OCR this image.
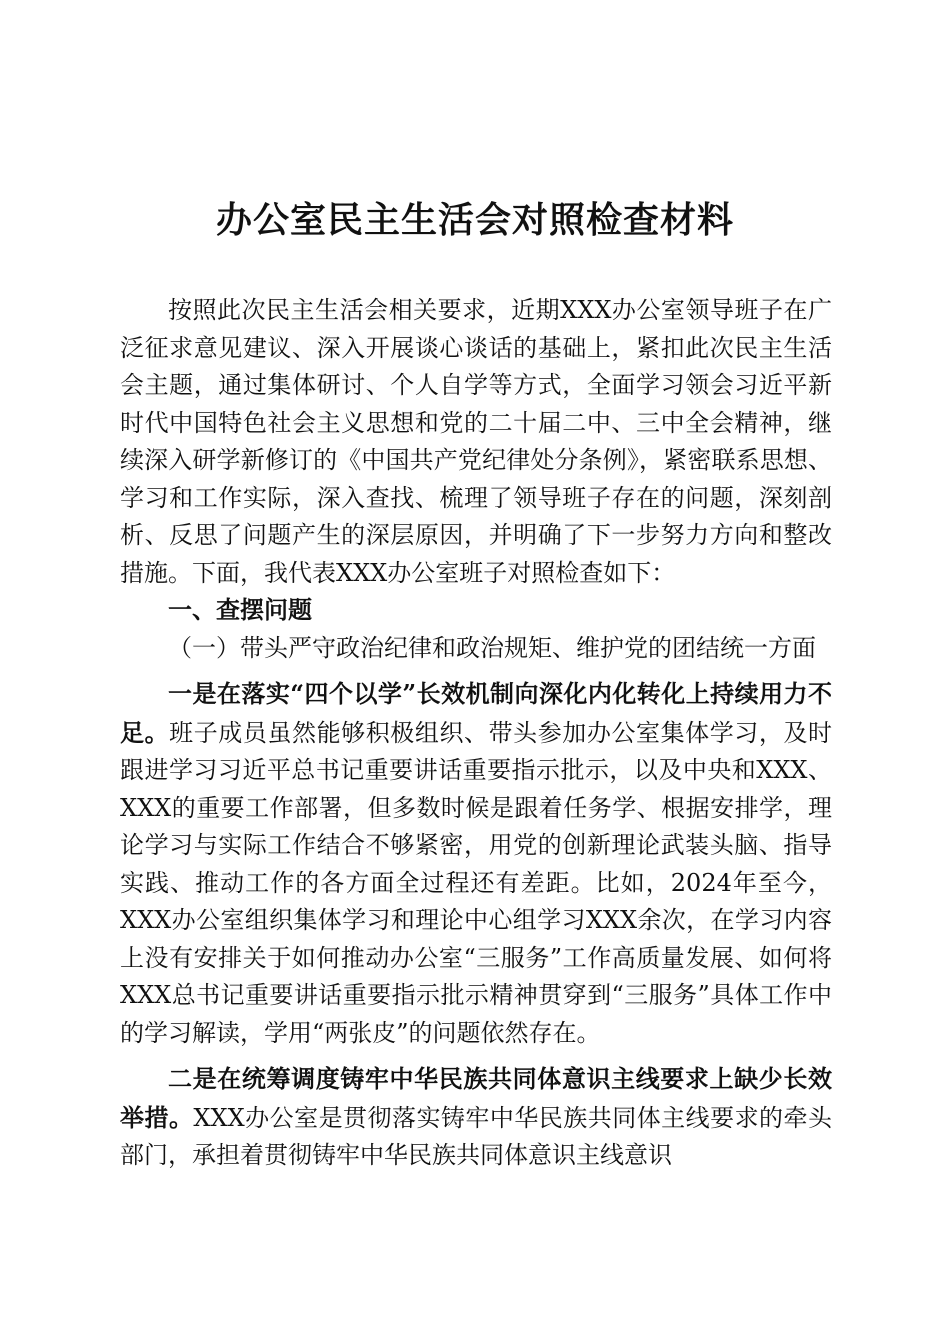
办公室民主生活会对照检查材料

按照此次民主生活会相关要求，近期XXX办公室领导班子在广泛征求意见建议、深入开展谈心谈话的基础上，紧扣此次民主生活会主题，通过集体研讨、个人自学等方式，全面学习领会习近平新时代中国特色社会主义思想和党的二十届二中、三中全会精神，继续深入研学新修订的《中国共产党纪律处分条例》，紧密联系思想、学习和工作实际，深入查找、梳理了领导班子存在的问题，深刻剖析、反思了问题产生的深层原因，并明确了下一步努力方向和整改措施。下面，我代表XXX办公室班子对照检查如下：

一、查摆问题

（一）带头严守政治纪律和政治规矩、维护党的团结统一方面

一是在落实“四个以学”长效机制向深化内化转化上持续用力不足。班子成员虽然能够积极组织、带头参加办公室集体学习，及时跟进学习习近平总书记重要讲话重要指示批示，以及中央和XXX、XXX的重要工作部署，但多数时候是跟着任务学、根据安排学，理论学习与实际工作结合不够紧密，用党的创新理论武装头脑、指导实践、推动工作的各方面全过程还有差距。比如，2024年至今，XXX办公室组织集体学习和理论中心组学习XXX余次，在学习内容上没有安排关于如何推动办公室“三服务”工作高质量发展、如何将XXX总书记重要讲话重要指示批示精神贯穿到“三服务”具体工作中的学习解读，学用“两张皮”的问题依然存在。

二是在统筹调度铸牢中华民族共同体意识主线要求上缺少长效举措。XXX办公室是贯彻落实铸牢中华民族共同体主线要求的牵头部门，承担着贯彻铸牢中华民族共同体意识主线意识
